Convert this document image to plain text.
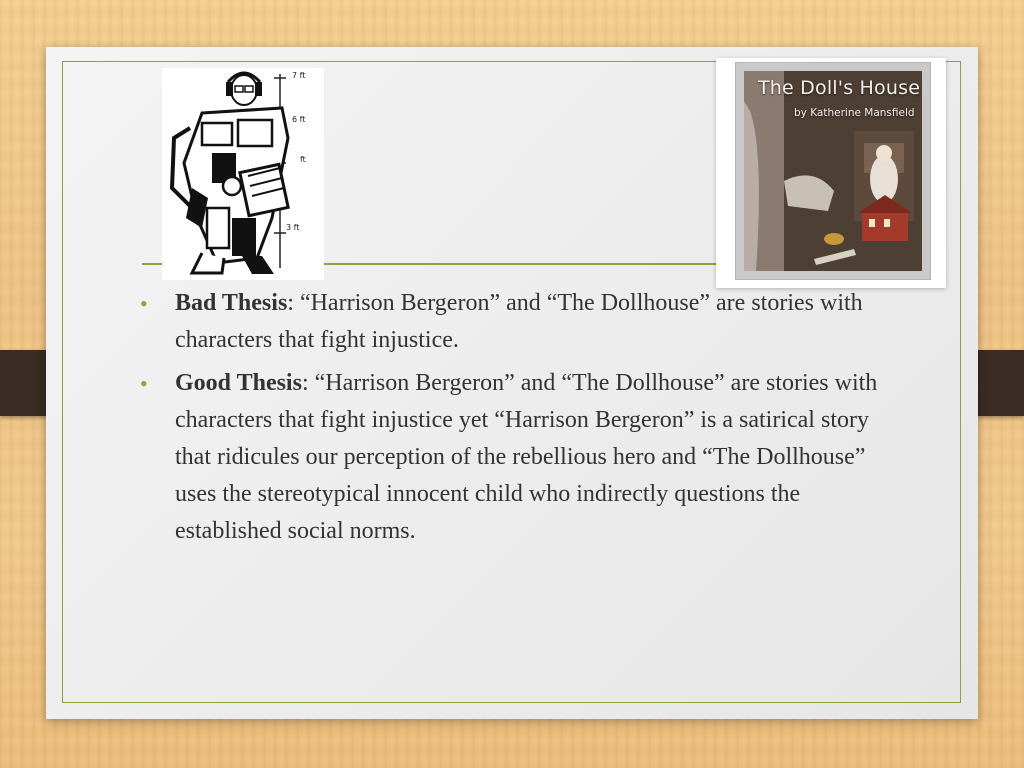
7 ft
6 ft
ft
3 ft
The Doll's House
by Katherine Mansfield
• Bad Thesis: “Harrison Bergeron” and “The Dollhouse” are stories with characters that fight injustice.
• Good Thesis: “Harrison Bergeron” and “The Dollhouse” are stories with characters that fight injustice yet “Harrison Bergeron” is a satirical story that ridicules our perception of the rebellious hero and “The Dollhouse” uses the stereotypical innocent child who indirectly questions the established social norms.
